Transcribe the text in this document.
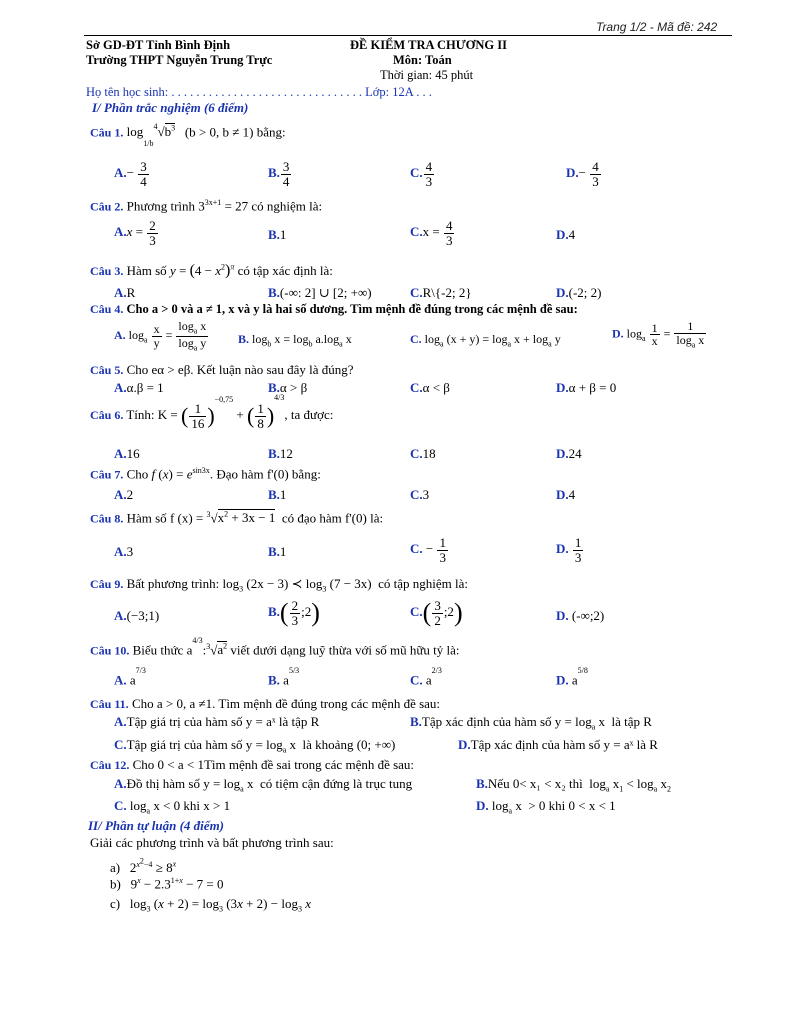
Trang 1/2 - Mã đề: 242
Sở GD-ĐT Tỉnh Bình Định
Trường THPT Nguyễn Trung Trực
ĐỀ KIỂM TRA CHƯƠNG II
Môn: Toán
Thời gian: 45 phút
Họ tên học sinh: . . . . . . . . . . . . . . . . . . . . . . . . . . . . . . . Lớp: 12A . . .
I/ Phần trắc nghiệm (6 điểm)
Câu 1. $\log_{1/b}^4√b^3$ (b > 0, b ≠ 1) bằng:
$A.- \frac{3}{4}$	B. $\frac{3}{4}$	C. $\frac{4}{3}$	$D.- \frac{4}{3}$
Câu 2. Phương trình $3^{3x+1} = 27$ có nghiệm là:
$A.x = \frac{2}{3}$	B.1	$C.x = \frac{4}{3}$	D.4
Câu 3. Hàm số $y = (4 - x^2)^\pi$ có tập xác định là:
A.R	B.(-∞: 2] ∪ [2; +∞)	C.R\{-2; 2}	D.(-2; 2)
Câu 4. Cho a > 0 và a ≠ 1, x và y là hai số dương. Tìm mệnh đề đúng trong các mệnh đề sau:
A. $\log_a \frac{x}{y} = \frac{\log_a x}{\log_a y} B$. $\log_b x = \log_b a.\log_a$ x	C. $\log_a (x + y) = \log_a x + \log_a y$	D. $\log_a \frac{1}{x} = \frac{1}{\log_a x}$
Câu 5. Cho eα > eβ. Kết luận nào sau đây là đúng?
A.α.β = 1	B.α > β	C.α < β	D.α + β = 0
Câu 6. Tính: K = ( $\frac{1}{16} )^{-0,75}$ + ( $\frac{1}{8} )^{4/3}$, ta được:
A.16	B.12	C.18	D.24
Câu 7. Cho f $(x) = e^{sin3x}$. Đạo hàm f'(0) bằng:
A.2	B.1	C.3	D.4
Câu 8. Hàm số f $(x) = ^3√x^2 + 3x - 1$ có đạo hàm f'(0) là:
A.3	B.1	C. − $\frac{1}{3}$	D. $\frac{1}{3}$
Câu 9. Bất phương trình: $\log_3 (2x - 3)$ ≺ $\log_3 (7 - 3x)$  có tập nghiệm là:
A.(−3;1)	$B.( \frac{2}{3}$ ;2)	$C.( \frac{3}{2}$ ;2)	D. (-∞;2)
Câu 10. Biểu thức $a^{4/3}:^3√a^2$ viết dưới dạng luỹ thừa với số mũ hữu tỷ là:
A. $a^{7/3}$
B. $a^{5/3}$
C. $a^{2/3}$
D. $a^{5/8}$
Câu 11. Cho a > 0, a ≠1. Tìm mệnh đề đúng trong các mệnh đề sau:
A.Tập giá trị của hàm số y = aˣ là tập R	B.Tập xác định của hàm số $y = \log_a x$  là tập R
C.Tập giá trị của hàm số $y = \log_a x$  là khoảng (0; +∞)	D.Tập xác định của hàm số y = aˣ là R
Câu 12. Cho 0 < a < 1Tìm mệnh đề sai trong các mệnh đề sau:
A.Đồ thị hàm số $y = \log_a x$  có tiệm cận đứng là trục tung	B.Nếu 0< x₁ < x₂ thì  $\log_a x_1 < \log_a x_2$
C. $\log_a x < 0$ khi x > 1	D. $\log_a x > 0$ khi 0 < x < 1
II/ Phần tự luận (4 điểm)
Giải các phương trình và bất phương trình sau:
a)   $2^{x^2-4} \ge 8^x$
b)   $9^x - 2.3^{1+x} - 7 = 0$
c)   $\log_3 (x + 2) = \log_3 (3x + 2) - \log_3 x$
